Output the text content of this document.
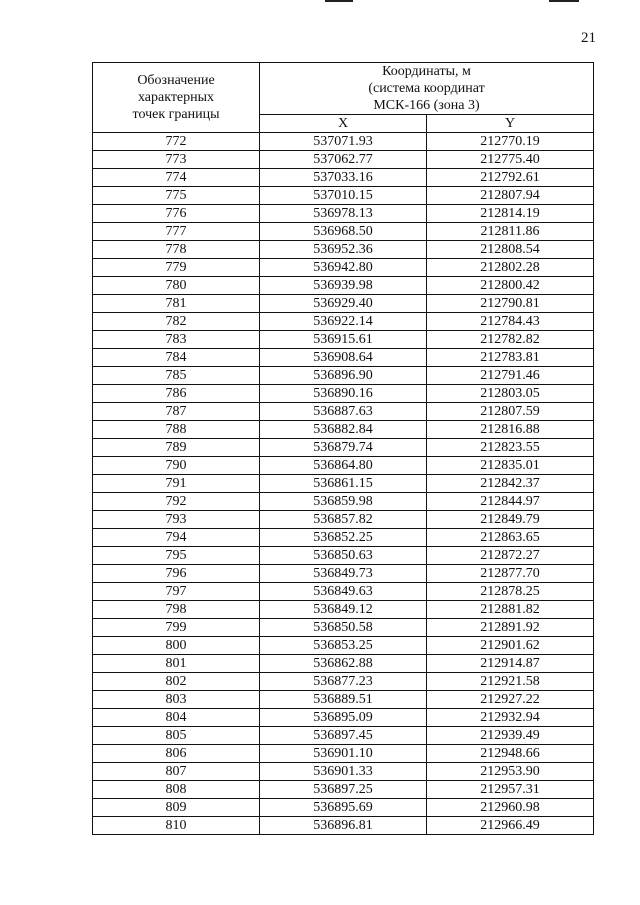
21
Обозначение
характерных
точек границы	Координаты, м
(система координат
МСК-166 (зона 3)	

	X	Y
772	537071.93	212770.19
773	537062.77	212775.40
774	537033.16	212792.61
775	537010.15	212807.94
776	536978.13	212814.19
777	536968.50	212811.86
778	536952.36	212808.54
779	536942.80	212802.28
780	536939.98	212800.42
781	536929.40	212790.81
782	536922.14	212784.43
783	536915.61	212782.82
784	536908.64	212783.81
785	536896.90	212791.46
786	536890.16	212803.05
787	536887.63	212807.59
788	536882.84	212816.88
789	536879.74	212823.55
790	536864.80	212835.01
791	536861.15	212842.37
792	536859.98	212844.97
793	536857.82	212849.79
794	536852.25	212863.65
795	536850.63	212872.27
796	536849.73	212877.70
797	536849.63	212878.25
798	536849.12	212881.82
799	536850.58	212891.92
800	536853.25	212901.62
801	536862.88	212914.87
802	536877.23	212921.58
803	536889.51	212927.22
804	536895.09	212932.94
805	536897.45	212939.49
806	536901.10	212948.66
807	536901.33	212953.90
808	536897.25	212957.31
809	536895.69	212960.98
810	536896.81	212966.49
